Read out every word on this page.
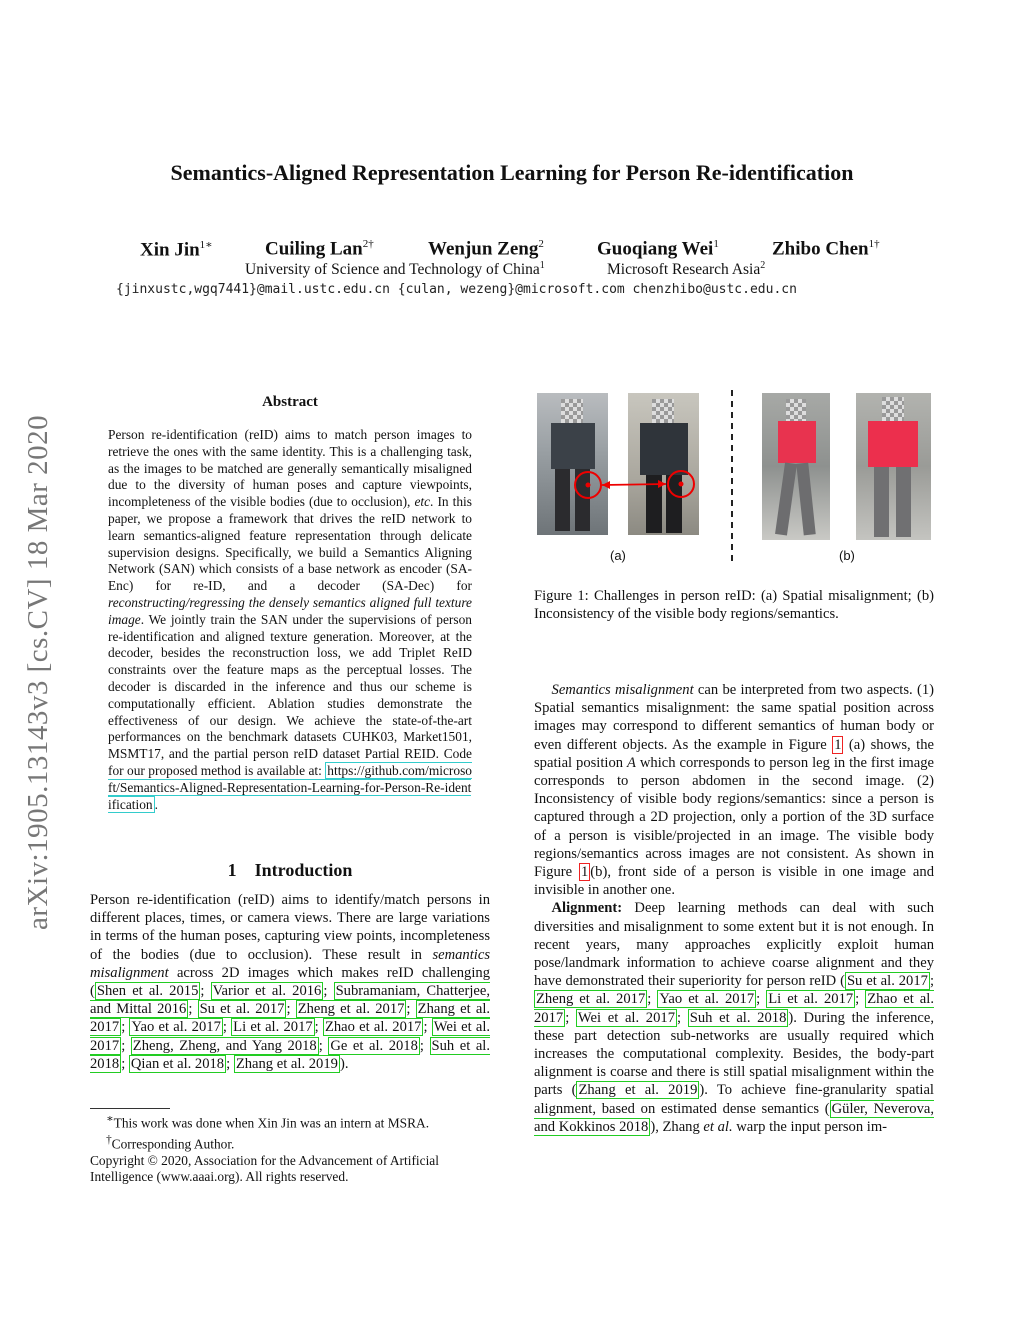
arXiv:1905.13143v3 [cs.CV] 18 Mar 2020
Semantics-Aligned Representation Learning for Person Re-identification
Xin Jin$^{1∗}$	Cuiling Lan$^{2\dagger}$	Wenjun Zeng$^2$	Guoqiang Wei$^1$	Zhibo Chen$^{1\dagger}$
University of Science and Technology of China$^1$	Microsoft Research Asia$^2$
{jinxustc,wgq7441}@mail.ustc.edu.cn {culan, wezeng}@microsoft.com chenzhibo@ustc.edu.cn
Abstract

Person re-identification (reID) aims to match person images to retrieve the ones with the same identity. This is a challenging task, as the images to be matched are generally semantically misaligned due to the diversity of human poses and capture viewpoints, incompleteness of the visible bodies (due to occlusion), etc. In this paper, we propose a framework that drives the reID network to learn semantics-aligned feature representation through delicate supervision designs. Specifically, we build a Semantics Aligning Network (SAN) which consists of a base network as encoder (SA-Enc) for re-ID, and a decoder (SA-Dec) for reconstructing/regressing the densely semantics aligned full texture image. We jointly train the SAN under the supervisions of person re-identification and aligned texture generation. Moreover, at the decoder, besides the reconstruction loss, we add Triplet ReID constraints over the feature maps as the perceptual losses. The decoder is discarded in the inference and thus our scheme is computationally efficient. Ablation studies demonstrate the effectiveness of our design. We achieve the state-of-the-art performances on the benchmark datasets CUHK03, Market1501, MSMT17, and the partial person reID dataset Partial REID. Code for our proposed method is available at: https://github.com/microsoft/Semantics-Aligned-Representation-Learning-for-Person-Re-identification .

1 Introduction

Person re-identification (reID) aims to identify/match persons in different places, times, or camera views. There are large variations in terms of the human poses, capturing view points, incompleteness of the bodies (due to occlusion). These result in semantics misalignment across 2D images which makes reID challenging ( Shen et al. 2015 ; Varior et al. 2016 ; Subramaniam, Chatterjee, and Mittal 2016 ; Su et al. 2017 ; Zheng et al. 2017 ; Zhang et al. 2017 ; Yao et al. 2017 ; Li et al. 2017 ; Zhao et al. 2017 ; Wei et al. 2017 ; Zheng, Zheng, and Yang 2018 ; Ge et al. 2018 ; Suh et al. 2018 ; Qian et al. 2018 ; Zhang et al. 2019 ).

∗This work was done when Xin Jin was an intern at MSRA.

†Corresponding Author.

Copyright © 2020, Association for the Advancement of Artificial Intelligence (www.aaai.org). All rights reserved.

(a)	(b)
Figure 1: Challenges in person reID: (a) Spatial misalignment; (b) Inconsistency of the visible body regions/semantics.

Semantics misalignment can be interpreted from two aspects. (1) Spatial semantics misalignment: the same spatial position across images may correspond to different semantics of human body or even different objects. As the example in Figure 1 (a) shows, the spatial position A which corresponds to person leg in the first image corresponds to person abdomen in the second image. (2) Inconsistency of visible body regions/semantics: since a person is captured through a 2D projection, only a portion of the 3D surface of a person is visible/projected in an image. The visible body regions/semantics across images are not consistent. As shown in Figure 1 (b), front side of a person is visible in one image and invisible in another one.

Alignment: Deep learning methods can deal with such diversities and misalignment to some extent but it is not enough. In recent years, many approaches explicitly exploit human pose/landmark information to achieve coarse alignment and they have demonstrated their superiority for person reID ( Su et al. 2017 ; Zheng et al. 2017 ; Yao et al. 2017 ; Li et al. 2017 ; Zhao et al. 2017 ; Wei et al. 2017 ; Suh et al. 2018 ). During the inference, these part detection sub-networks are usually required which increases the computational complexity. Besides, the body-part alignment is coarse and there is still spatial misalignment within the parts ( Zhang et al. 2019 ). To achieve fine-granularity spatial alignment, based on estimated dense semantics ( Güler, Neverova, and Kokkinos 2018 ), Zhang et al. warp the input person im-
